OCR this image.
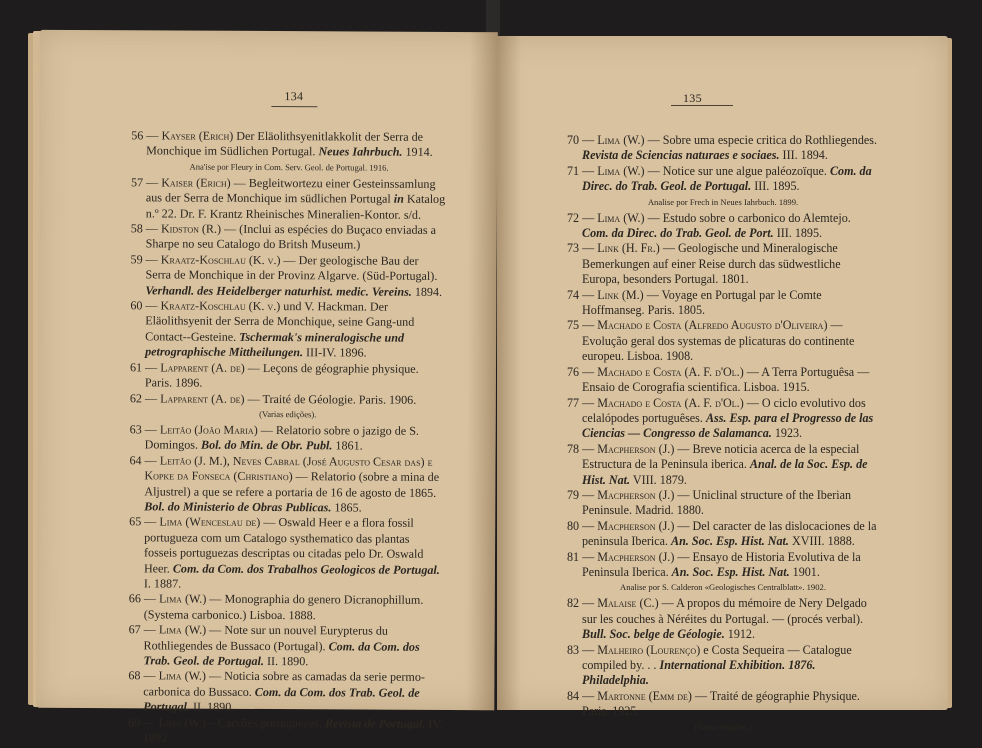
134
56 — Kayser (Erich) Der Eläolithsyenitlakkolit der Serra de Monchique im Südlichen Portugal. Neues Iahrbuch. 1914.
Ana'ise por Fleury in Com. Serv. Geol. de Portugal. 1916.
57 — Kaiser (Erich) — Begleitwortezu einer Gesteinssamlung aus der Serra de Monchique im südlichen Portugal in Katalog n.º 22. Dr. F. Krantz Rheinisches Mineralien-Kontor. s/d.
58 — Kidston (R.) — (Inclui as espécies do Buçaco enviadas a Sharpe no seu Catalogo do Britsh Museum.)
59 — Kraatz-Koschlau (K. v.) — Der geologische Bau der Serra de Monchique in der Provinz Algarve. (Süd-Portugal). Verhandl. des Heidelberger naturhist. medic. Vereins. 1894.
60 — Kraatz-Koschlau (K. v.) und V. Hackman. Der Eläolithsyenit der Serra de Monchique, seine Gang-und Contact--Gesteine. Tschermak's mineralogische und petrographische Mittheilungen. III-IV. 1896.
61 — Lapparent (A. de) — Leçons de géographie physique. Paris. 1896.
62 — Lapparent (A. de) — Traité de Géologie. Paris. 1906.
(Varias edições).
63 — Leitão (João Maria) — Relatorio sobre o jazigo de S. Domingos. Bol. do Min. de Obr. Publ. 1861.
64 — Leitão (J. M.), Neves Cabral (José Augusto Cesar das) e Kopke da Fonseca (Christiano) — Relatorio (sobre a mina de Aljustrel) a que se refere a portaria de 16 de agosto de 1865. Bol. do Ministerio de Obras Publicas. 1865.
65 — Lima (Wenceslau de) — Oswald Heer e a flora fossil portugueza com um Catalogo systhematico das plantas fosseis portuguezas descriptas ou citadas pelo Dr. Oswald Heer. Com. da Com. dos Trabalhos Geologicos de Portugal. I. 1887.
66 — Lima (W.) — Monographia do genero Dicranophillum. (Systema carbonico.) Lisboa. 1888.
67 — Lima (W.) — Note sur un nouvel Eurypterus du Rothliegendes de Bussaco (Portugal). Com. da Com. dos Trab. Geol. de Portugal. II. 1890.
68 — Lima (W.) — Noticia sobre as camadas da serie permo-carbonica do Bussaco. Com. da Com. dos Trab. Geol. de Portugal. II. 1890.
69 — Lima (W.)—Carvões portuguezes. Revista de Portugal. IV. 1892.
135
70 — Lima (W.) — Sobre uma especie critica do Rothliegendes. Revista de Sciencias naturaes e sociaes. III. 1894.
71 — Lima (W.) — Notice sur une algue paléozoïque. Com. da Direc. do Trab. Geol. de Portugal. III. 1895.
Analise por Frech in Neues Iahrbuch. 1899.
72 — Lima (W.) — Estudo sobre o carbonico do Alemtejo. Com. da Direc. do Trab. Geol. de Port. III. 1895.
73 — Link (H. Fr.) — Geologische und Mineralogische Bemerkungen auf einer Reise durch das südwestliche Europa, besonders Portugal. 1801.
74 — Link (M.) — Voyage en Portugal par le Comte Hoffmanseg. Paris. 1805.
75 — Machado e Costa (Alfredo Augusto d'Oliveira) — Evolução geral dos systemas de plicaturas do continente europeu. Lisboa. 1908.
76 — Machado e Costa (A. F. d'Ol.) — A Terra Portuguêsa — Ensaio de Corografia scientifica. Lisboa. 1915.
77 — Machado e Costa (A. F. d'Ol.) — O ciclo evolutivo dos celalópodes portuguêses. Ass. Esp. para el Progresso de las Ciencias — Congresso de Salamanca. 1923.
78 — Macpherson (J.) — Breve noticia acerca de la especial Estructura de la Peninsula iberica. Anal. de la Soc. Esp. de Hist. Nat. VIII. 1879.
79 — Macpherson (J.) — Uniclinal structure of the Iberian Peninsule. Madrid. 1880.
80 — Macpherson (J.) — Del caracter de las dislocaciones de la peninsula Iberica. An. Soc. Esp. Hist. Nat. XVIII. 1888.
81 — Macpherson (J.) — Ensayo de Historia Evolutiva de la Peninsula Iberica. An. Soc. Esp. Hist. Nat. 1901.
Analise por S. Calderon «Geologisches Centralblatt». 1902.
82 — Malaise (C.) — A propos du mémoire de Nery Delgado sur les couches à Néréites du Portugal. — (procés verbal). Bull. Soc. belge de Géologie. 1912.
83 — Malheiro (Lourenço) e Costa Sequeira — Catalogue compiled by. . . International Exhibition. 1876. Philadelphia.
84 — Martonne (Emm de) — Traité de géographie Physique. Paris. 1925.
(Varias edições.)
